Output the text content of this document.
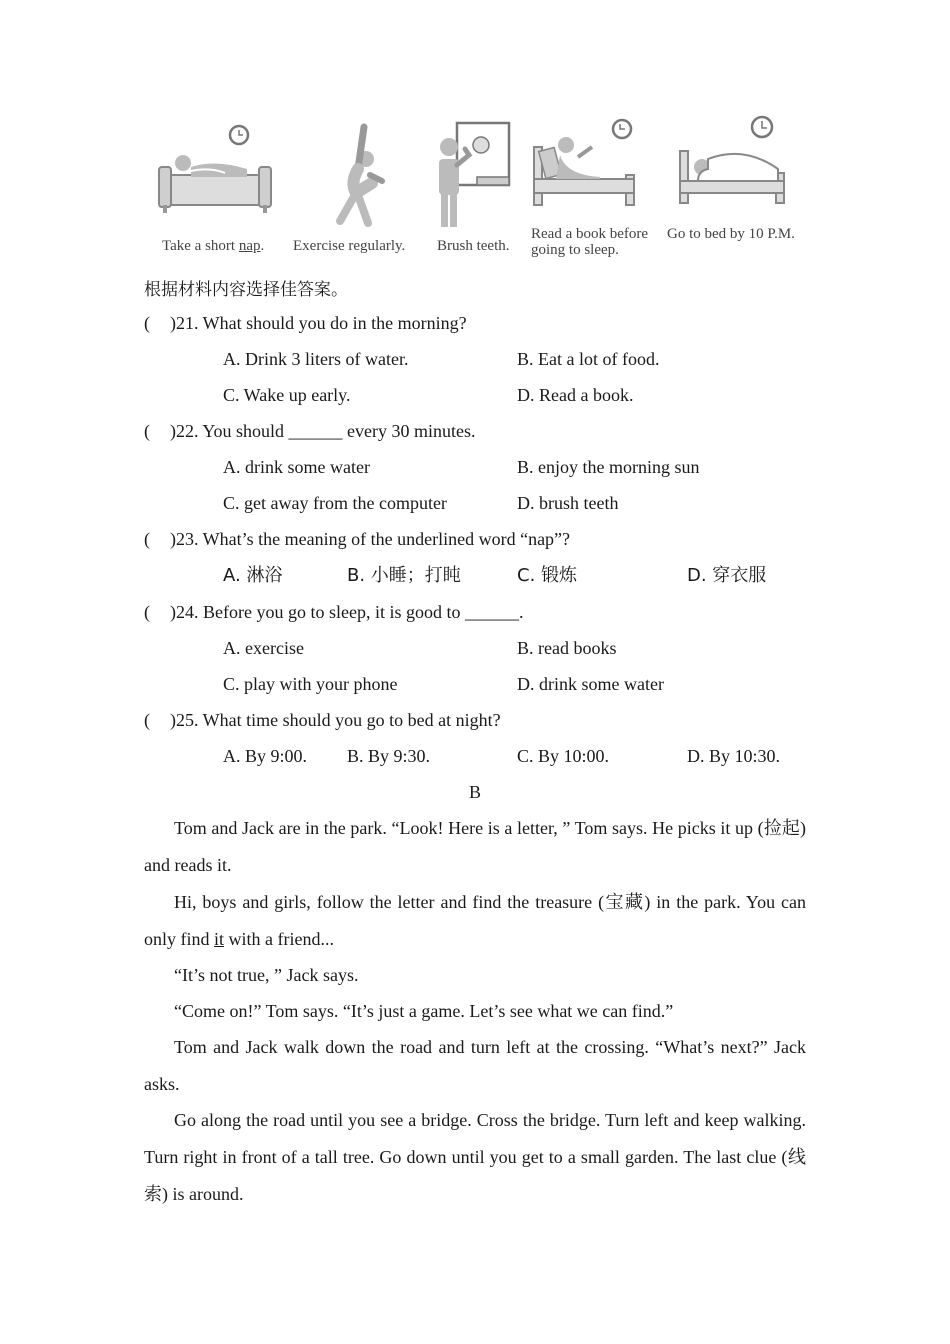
Take a short nap. Exercise regularly. Brush teeth.
Read a book before
going to sleep.
Go to bed by 10 P.M.
根据材料内容选择佳答案。
( )21. What should you do in the morning?
A. Drink 3 liters of water.	B. Eat a lot of food.
C. Wake up early.	D. Read a book.
( )22. You should ______ every 30 minutes.
A. drink some water	B. enjoy the morning sun
C. get away from the computer	D. brush teeth
( )23. What’s the meaning of the underlined word “nap”?
A. 淋浴	B. 小睡；打盹	C. 锻炼	D. 穿衣服
( )24. Before you go to sleep, it is good to ______.
A. exercise	B. read books
C. play with your phone	D. drink some water
( )25. What time should you go to bed at night?
A. By 9:00. B. By 9:30.	C. By 10:00.	D. By 10:30.
B
Tom and Jack are in the park. “Look! Here is a letter, ” Tom says. He picks it up (捡起) and reads it.
Hi, boys and girls, follow the letter and find the treasure (宝藏) in the park. You can only find it with a friend...
“It’s not true, ” Jack says.
“Come on!” Tom says. “It’s just a game. Let’s see what we can find.”
Tom and Jack walk down the road and turn left at the crossing. “What’s next?” Jack asks.
Go along the road until you see a bridge. Cross the bridge. Turn left and keep walking. Turn right in front of a tall tree. Go down until you get to a small garden. The last clue (线索) is around.
